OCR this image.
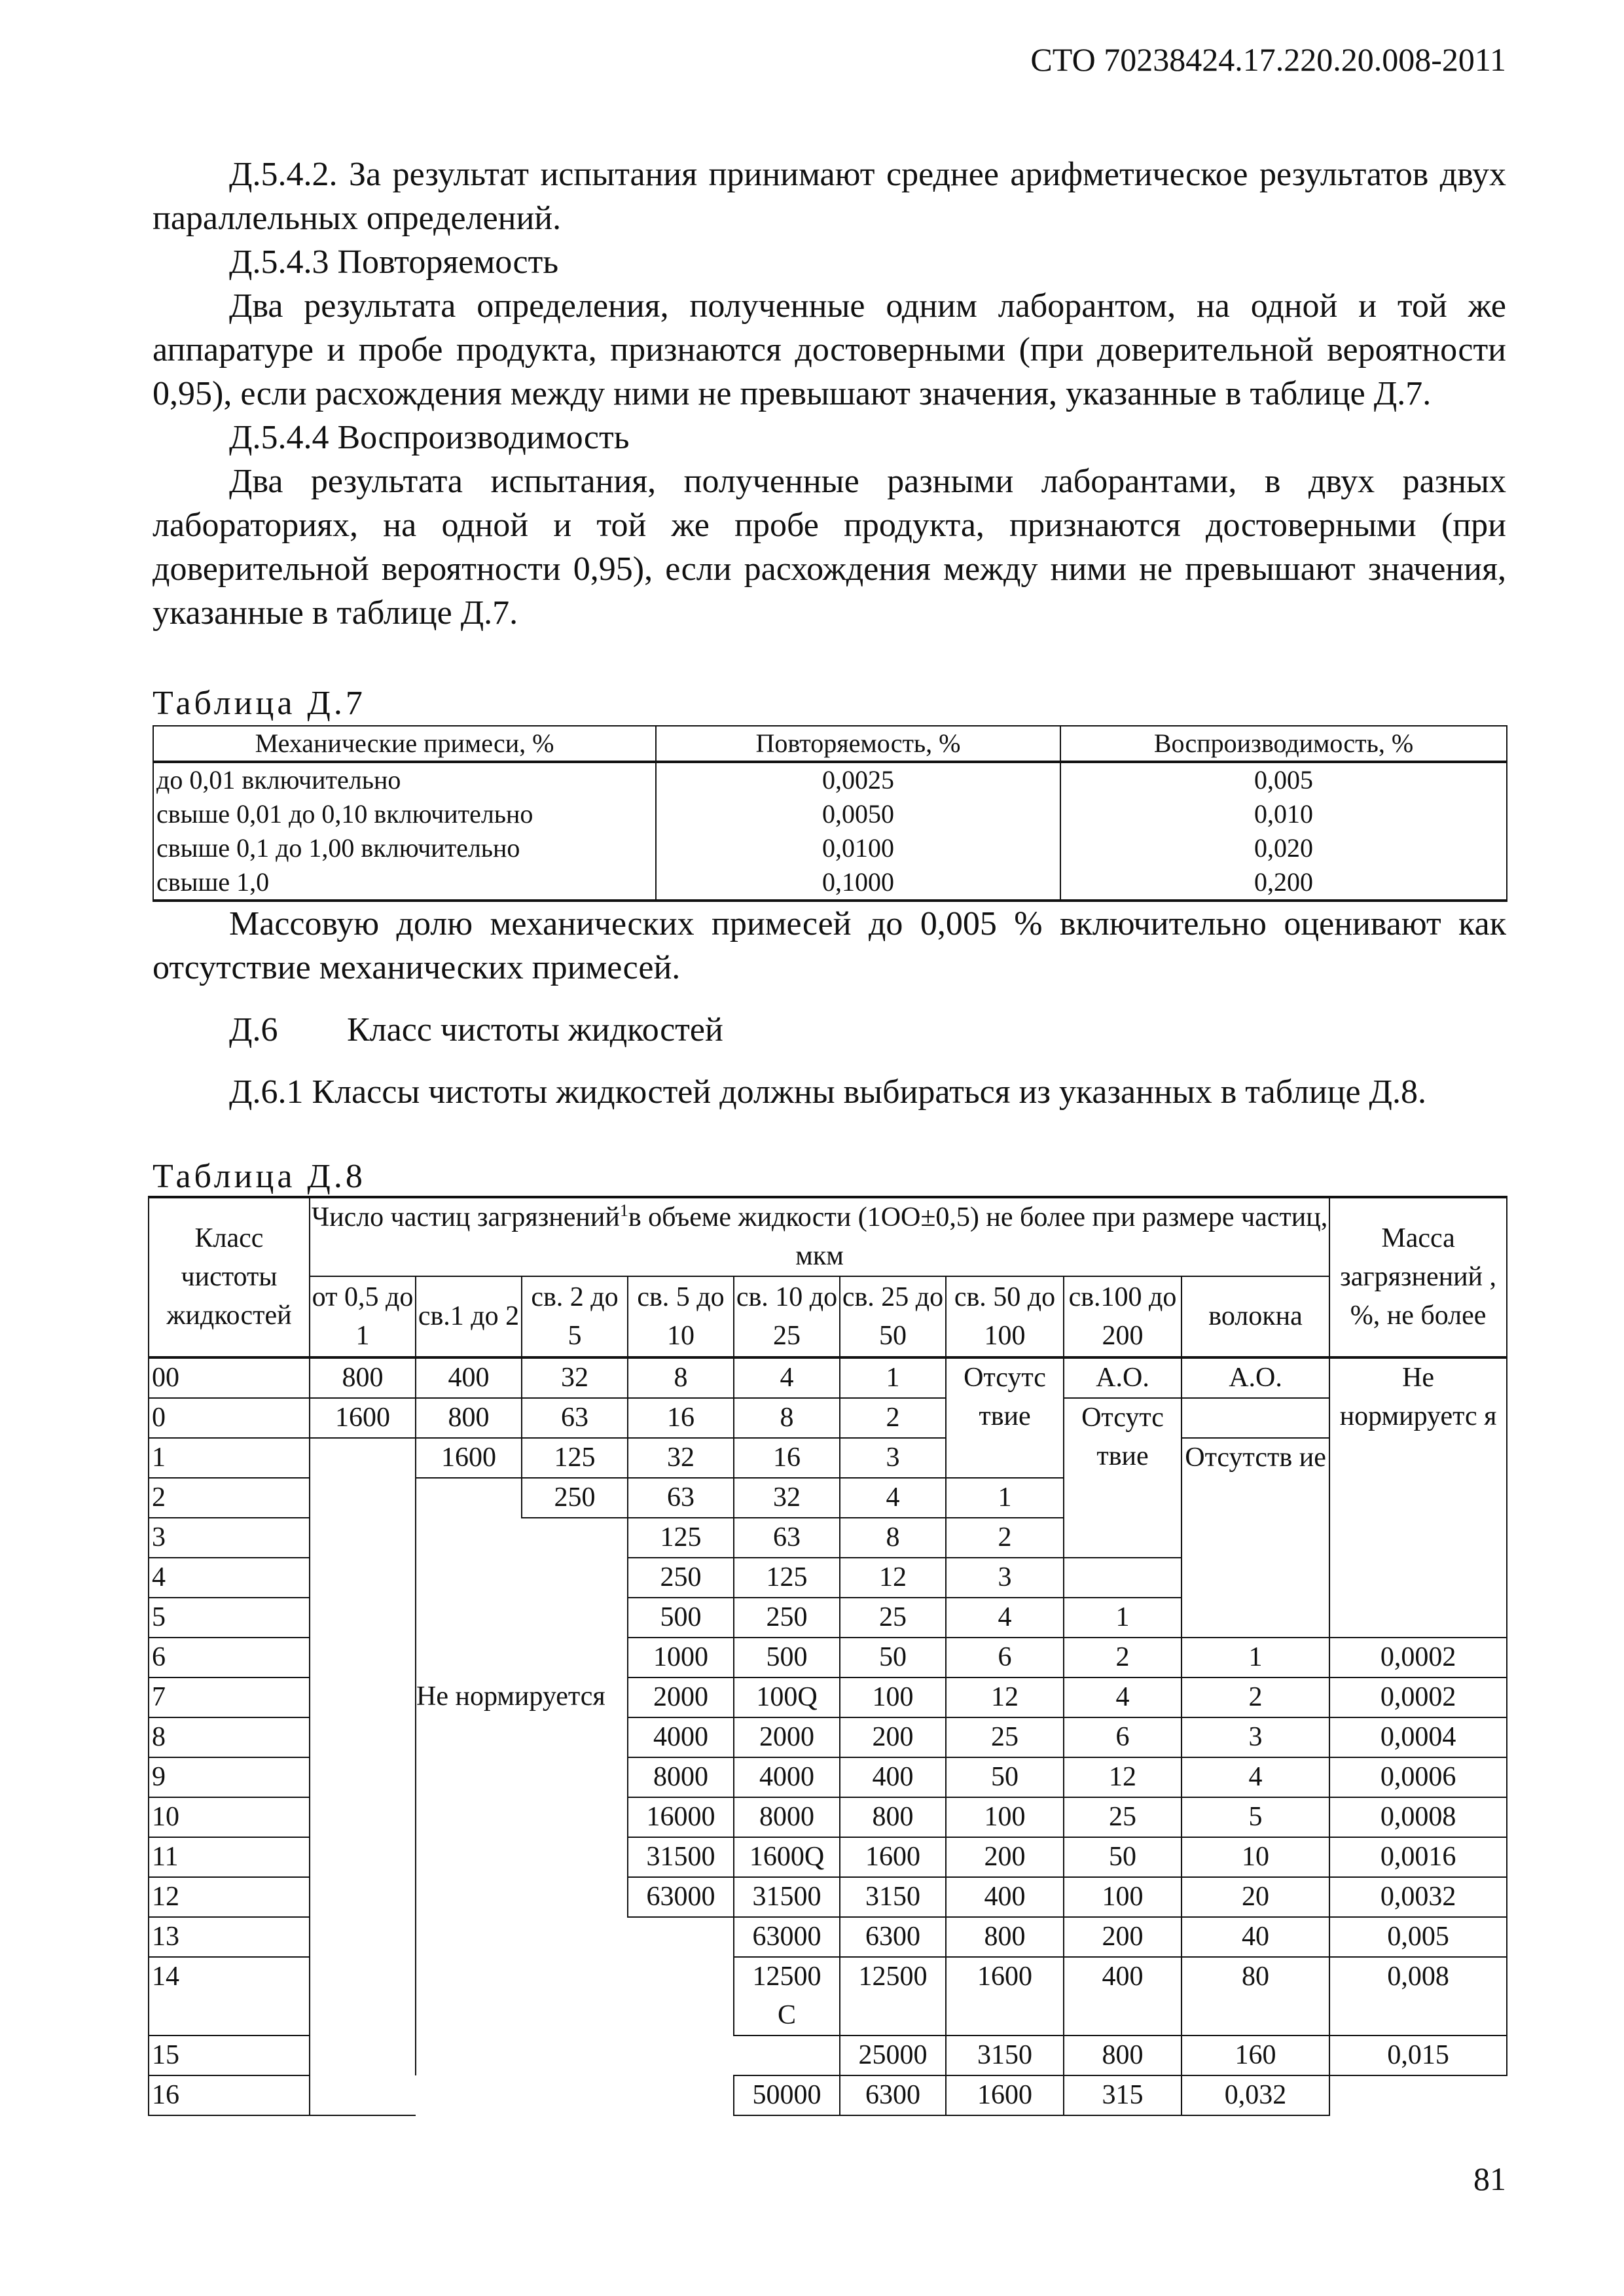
СТО 70238424.17.220.20.008-2011

Д.5.4.2. За результат испытания принимают среднее арифметическое результатов двух параллельных определений.

Д.5.4.3 Повторяемость

Два результата определения, полученные одним лаборантом, на одной и той же аппаратуре и пробе продукта, признаются достоверными (при доверительной вероятности 0,95), если расхождения между ними не превышают значения, указанные в таблице Д.7.

Д.5.4.4 Воспроизводимость

Два результата испытания, полученные разными лаборантами, в двух разных лабораториях, на одной и той же пробе продукта, признаются достоверными (при доверительной вероятности 0,95), если расхождения между ними не превышают значения, указанные в таблице Д.7.

Таблица Д.7
Механические примеси, %	Повторяемость, %	Воспроизводимость, %
до 0,01 включительно	0,0025	0,005
свыше 0,01 до 0,10 включительно	0,0050	0,010
свыше 0,1 до 1,00 включительно	0,0100	0,020
свыше 1,0	0,1000	0,200

Массовую долю механических примесей до 0,005 % включительно оценивают как отсутствие механических примесей.

Д.6 Класс чистоты жидкостей

Д.6.1 Классы чистоты жидкостей должны выбираться из указанных в таблице Д.8.

Таблица Д.8
Класс чистоты жидкостей	Число частиц загрязнений$^1$в объеме жидкости (1OO±0,5) не более при размере частиц, мкм									Масса загрязнений , %, не более	
	от 0,5 до 1	св.1 до 2	св. 2 до 5	св. 5 до 10	св. 10 до 25	св. 25 до 50	св. 50 до 100	св.100 до 200	волокна		
00	800	400	32	8	4	1	Отсутс твие	А.О.	А.О.	Не нормируетс я	
0	1600	800	63	16	8	2		Отсутс твие			
1		1600	125	32	16	3			Отсутств ие		
2			250	63	32	4	1				
3				125	63	8	2				
4				250	125	12	3				
5				500	250	25	4	1			
6				1000	500	50	6	2	1	0,0002	
7		Не нормируется		2000	100Q	100	12	4	2	0,0002	
8				4000	2000	200	25	6	3	0,0004	
9				8000	4000	400	50	12	4	0,0006	
10				16000	8000	800	100	25	5	0,0008	
11				31500	1600Q	1600	200	50	10	0,0016	
12				63000	31500	3150	400	100	20	0,0032	
13					63000	6300	800	200	40	0,005	
14					12500 C	12500	1600	400	80	0,008	
15						25000	3150	800	160	0,015	
16					50000	6300	1600	315	0,032		
81
